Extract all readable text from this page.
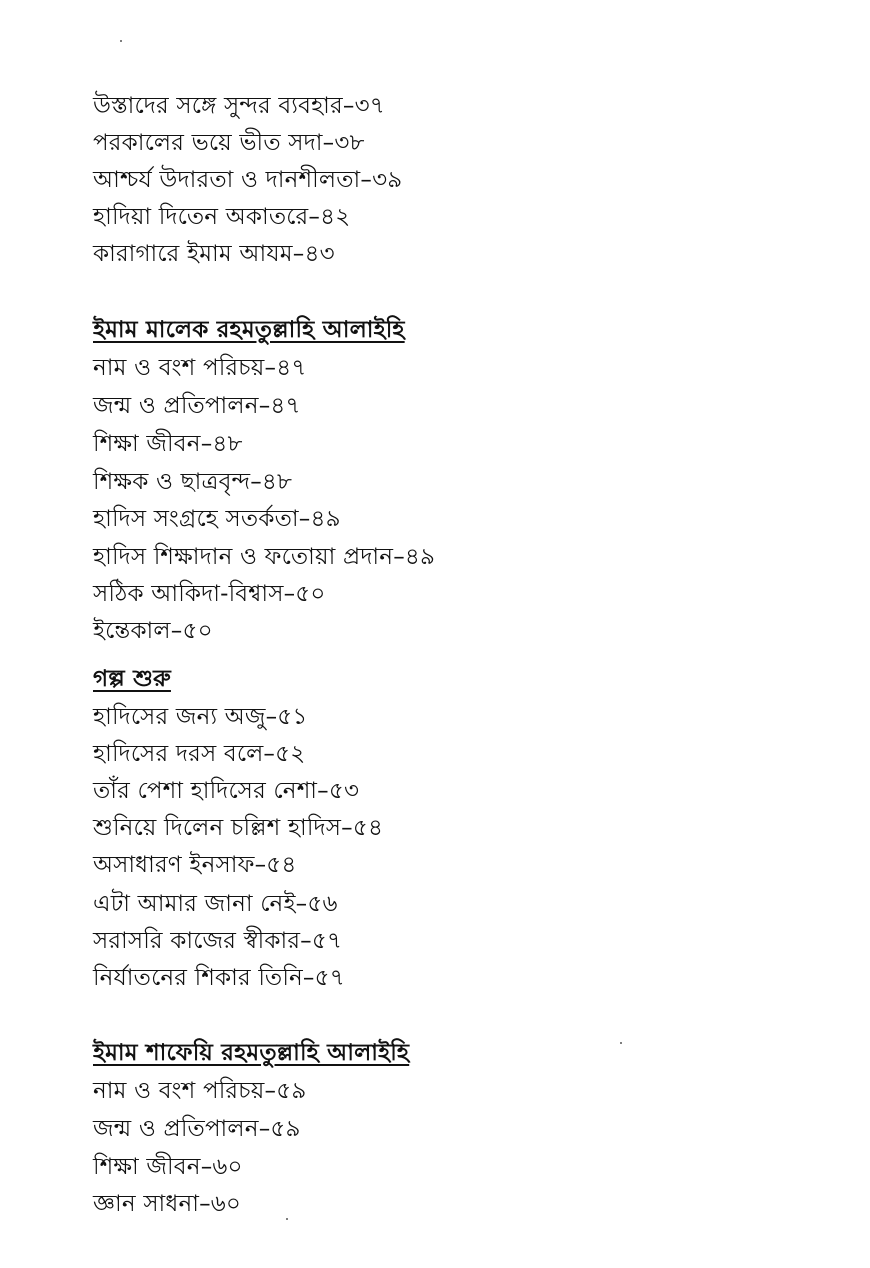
উস্তাদের সঙ্গে সুন্দর ব্যবহার–৩৭
পরকালের ভয়ে ভীত সদা–৩৮
আশ্চর্য উদারতা ও দানশীলতা–৩৯
হাদিয়া দিতেন অকাতরে–৪২
কারাগারে ইমাম আযম–৪৩
ইমাম মালেক রহমতুল্লাহি আলাইহি
নাম ও বংশ পরিচয়–৪৭
জন্ম ও প্রতিপালন–৪৭
শিক্ষা জীবন–৪৮
শিক্ষক ও ছাত্রবৃন্দ–৪৮
হাদিস সংগ্রহে সতর্কতা–৪৯
হাদিস শিক্ষাদান ও ফতোয়া প্রদান–৪৯
সঠিক আকিদা-বিশ্বাস–৫০
ইন্তেকাল–৫০
গল্প শুরু
হাদিসের জন্য অজু–৫১
হাদিসের দরস বলে–৫২
তাঁর পেশা হাদিসের নেশা–৫৩
শুনিয়ে দিলেন চল্লিশ হাদিস–৫৪
অসাধারণ ইনসাফ–৫৪
এটা আমার জানা নেই–৫৬
সরাসরি কাজের স্বীকার–৫৭
নির্যাতনের শিকার তিনি–৫৭
ইমাম শাফেয়ি রহমতুল্লাহি আলাইহি
নাম ও বংশ পরিচয়–৫৯
জন্ম ও প্রতিপালন–৫৯
শিক্ষা জীবন–৬০
জ্ঞান সাধনা–৬০
